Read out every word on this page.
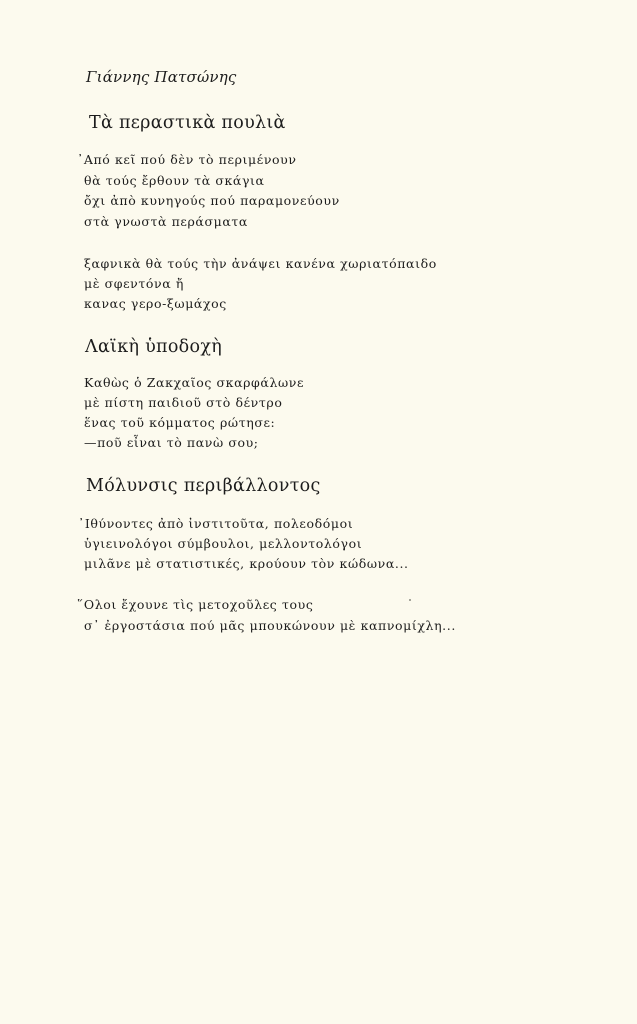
Γιάννης Πατσώνης
Τὰ περαστικὰ πουλιὰ
᾽Από κεῖ πού δὲν τὸ περιμένουν
θὰ τούς ἔρθουν τὰ σκάγια
ὄχι ἀπὸ κυνηγούς πού παραμονεύουν
στὰ γνωστὰ περάσματα
ξαφνικὰ θὰ τούς τὴν ἀνάψει κανένα χωριατόπαιδο
μὲ σφεντόνα ἤ
κανας γερο-ξωμάχος
Λαϊκὴ ὑποδοχὴ
Καθὼς ὁ Ζακχαῖος σκαρφάλωνε
μὲ πίστη παιδιοῦ στὸ δέντρο
ἕνας τοῦ κόμματος ρώτησε:
—ποῦ εἶναι τὸ πανὼ σου;
Μόλυνσις περιβάλλοντος
᾽Ιθύνοντες ἀπὸ ἰνστιτοῦτα, πολεοδόμοι
ὑγιεινολόγοι σύμβουλοι, μελλοντολόγοι
μιλᾶνε μὲ στατιστικές, κρούουν τὸν κώδωνα...
῞Ολοι ἔχουνε τὶς μετοχοῦλες τους
σ᾽ ἐργοστάσια πού μᾶς μπουκώνουν μὲ καπνομίχλη...
